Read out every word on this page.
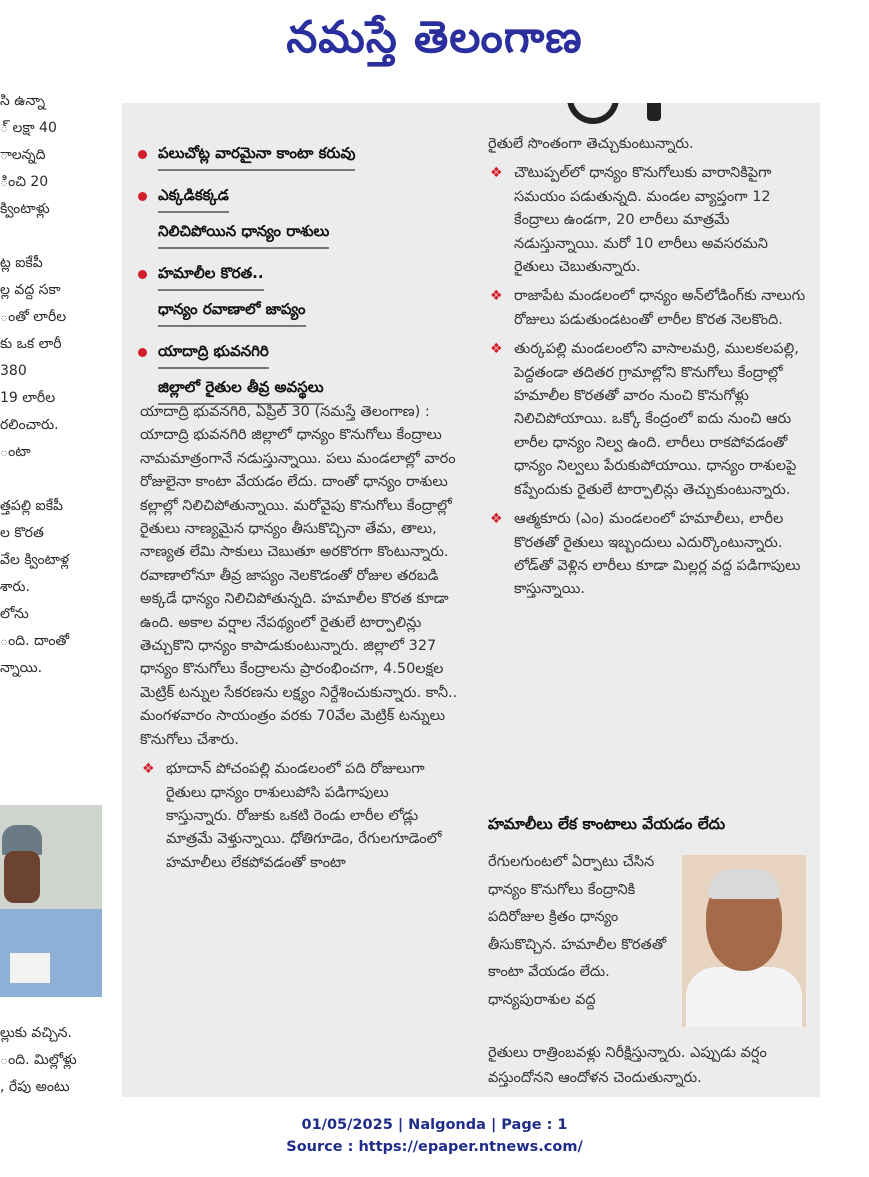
నమస్తే తెలంగాణ
సి ఉన్నా
్ లక్షా 40
ాలన్నది
ించి 20
క్వింటాళ్లు

ట్ల ఐకేపీ
ల్ల వద్ద సకా
ంతో లారీల
కు ఒక లారీ
380
19 లారీల
రలించారు.
ంటా

త్తపల్లి ఐకేపీ
ల కొరత
వేల క్వింటాళ్ల
శారు.
లోను
ంది. దాంతో
న్నాయి.
ల్లుకు వచ్చిన.
ంది. మిల్లోళ్లు
, రేపు అంటు
పలుచోట్ల వారమైనా కాంటా కరువు
ఎక్కడికక్కడ
నిలిచిపోయిన ధాన్యం రాశులు
హమాలీల కొరత..
ధాన్యం రవాణాలో జాప్యం
యాదాద్రి భువనగిరి
జిల్లాలో రైతుల తీవ్ర అవస్థలు

యాదాద్రి భువనగిరి, ఏప్రిల్ 30 (నమస్తే తెలంగాణ) : యాదాద్రి భువనగిరి జిల్లాలో ధాన్యం కొనుగోలు కేంద్రాలు నామమాత్రంగానే నడుస్తున్నాయి. పలు మండలాల్లో వారం రోజులైనా కాంటా వేయడం లేదు. దాంతో ధాన్యం రాశులు కల్లాల్లో నిలిచిపోతున్నాయి. మరోవైపు కొనుగోలు కేంద్రాల్లో రైతులు నాణ్యమైన ధాన్యం తీసుకొచ్చినా తేమ, తాలు, నాణ్యత లేమి సాకులు చెబుతూ అరకొరగా కొంటున్నారు. రవాణాలోనూ తీవ్ర జాప్యం నెలకొడంతో రోజుల తరబడి అక్కడే ధాన్యం నిలిచిపోతున్నది. హమాలీల కొరత కూడా ఉంది. అకాల వర్షాల నేపథ్యంలో రైతులే టార్పాలిన్లు తెచ్చుకొని ధాన్యం కాపాడుకుంటున్నారు. జిల్లాలో 327 ధాన్యం కొనుగోలు కేంద్రాలను ప్రారంభించగా, 4.50లక్షల మెట్రిక్ టన్నుల సేకరణను లక్ష్యం నిర్దేశించుకున్నారు. కానీ.. మంగళవారం సాయంత్రం వరకు 70వేల మెట్రిక్ టన్నులు కొనుగోలు చేశారు.

❖ భూదాన్ పోచంపల్లి మండలంలో పది రోజులుగా రైతులు ధాన్యం రాశులుపోసి పడిగాపులు కాస్తున్నారు. రోజుకు ఒకటి రెండు లారీల లోడ్లు మాత్రమే వెళ్తున్నాయి. ధోతిగూడెం, రేగులగూడెంలో హమాలీలు లేకపోవడంతో కాంటా

రైతులే సొంతంగా తెచ్చుకుంటున్నారు.

❖ చౌటుప్పల్‌లో ధాన్యం కొనుగోలుకు వారానికిపైగా సమయం పడుతున్నది. మండల వ్యాప్తంగా 12 కేంద్రాలు ఉండగా, 20 లారీలు మాత్రమే నడుస్తున్నాయి. మరో 10 లారీలు అవసరమని రైతులు చెబుతున్నారు.
❖ రాజాపేట మండలంలో ధాన్యం అన్‌లోడింగ్‌కు నాలుగు రోజులు పడుతుండటంతో లారీల కొరత నెలకొంది.
❖ తుర్కపల్లి మండలంలోని వాసాలమర్రి, ములకలపల్లి, పెద్దతండా తదితర గ్రామాల్లోని కొనుగోలు కేంద్రాల్లో హమాలీల కొరతతో వారం నుంచి కొనుగోళ్లు నిలిచిపోయాయి. ఒక్కో కేంద్రంలో ఐదు నుంచి ఆరు లారీల ధాన్యం నిల్వ ఉంది. లారీలు రాకపోవడంతో ధాన్యం నిల్వలు పేరుకుపోయాయి. ధాన్యం రాశులపై కప్పేందుకు రైతులే టార్పాలిన్లు తెచ్చుకుంటున్నారు.
❖ ఆత్మకూరు (ఎం) మండలంలో హమాలీలు, లారీల కొరతతో రైతులు ఇబ్బందులు ఎదుర్కొంటున్నారు. లోడ్‌తో వెళ్లిన లారీలు కూడా మిల్లర్ల వద్ద పడిగాపులు కాస్తున్నాయి.
హమాలీలు లేక కాంటాలు వేయడం లేదు
రేగులగుంటలో ఏర్పాటు చేసిన ధాన్యం కొనుగోలు కేంద్రానికి పదిరోజుల క్రితం ధాన్యం తీసుకొచ్చిన. హమాలీల కొరతతో కాంటా వేయడం లేదు. ధాన్యపురాశుల వద్ద
రైతులు రాత్రింబవళ్లు నిరీక్షిస్తున్నారు. ఎప్పుడు వర్షం వస్తుందోనని ఆందోళన చెందుతున్నారు.
01/05/2025 | Nalgonda | Page : 1
Source : https://epaper.ntnews.com/
